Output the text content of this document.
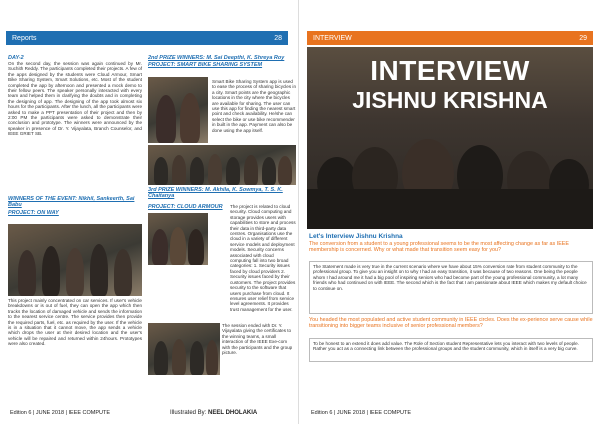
Reports	28
DAY-2
On the second day, the session was again continued by Mr. Suchith Reddy. The participants completed their projects. A few of the apps designed by the students were Cloud Armour, Smart Bike Sharing System, Smart Solutions, etc. Most of the student completed the app by afternoon and presented a mock demo to their fellow peers. The speaker personally interacted with every team and helped them in clarifying the doubts and in completing the designing of app. The designing of the app took almost six hours for the participants. After the lunch, all the participants were asked to make a PPT presentation of their project and then by 2:00 PM the participants were asked to demonstrate their conclusion and prototype. The winners were announced by the speaker in presence of Dr. Y. Vijayalata, Branch Counselor, and IEEE GRIET SB.
WINNERS OF THE EVENT: Nikhil, Sankeerth, Sai Babu
PROJECT: ON WAY
This project mainly concentrated on car services. If user's vehicle breakdowns or is out of fuel, they can open the app which then tracks the location of damaged vehicle and sends the information to the nearest service centre. The service provides then provide the required parts, fuel, etc. as required by the user. If the vehicle is in a situation that it cannot move, the app sends a vehicle which drops the user at their desired location and the user's vehicle will be repaired and returned within 24hours. Prototypes were also created.
2nd PRIZE WINNERS: M. Sai Deepthi, K. Shreya Roy
PROJECT: SMART BIKE SHARING SYSTEM
Smart Bike Sharing System app is used to ease the process of sharing bicycles in a city. Smart points are the geographic locations in the city where the bicycles are available for sharing. The user can use this app for finding the nearest smart point and check availability. He/she can select the bike or use bike recommender in built in the app. Payment can also be done using the app itself.
3rd PRIZE WINNERS: M. Akhila, K. Sowmya, T. S. K. Chaitanya
PROJECT: CLOUD ARMOUR	The project is related to cloud security. Cloud computing and storage provides users with capabilities to store and process their data in third-party data centres. Organisations use the cloud in a variety of different service models and deployment models. Security concerns associated with cloud computing fall into two broad categories: 1. Security issues faced by cloud providers 2. Security issues faced by their customers. The project provides security to the software that users purchase from cloud. It ensures user relief from service level agreements. It provides trust management for the user.
The session ended with Dr. Y. Vijayalata giving the certificates to the winning teams, a small interaction of the IEEE Exe-com with the participants and the group picture.
Edition 6 | JUNE 2018 | IEEE COMPUTE	Illustrated By: NEEL DHOLAKIA
INTERVIEW	29
INTERVIEW
JISHNU KRISHNA
Let's Interview Jishnu Krishna
The conversion from a student to a young professional seems to be the most affecting change as far as IEEE membership is concerned. Why or what made that transition seem easy for you?
The Statement made is very true in the current scenario where we have about 15% conversion rate from student community to the professional group. To give you an insight on to why I had an easy transition, it was because of two reasons. One being the people whom I had around me it had a big pool of inspiring seniors who had become part of the young professional community, a lot many friends who had continued on with IEEE. The second which is the fact that I am passionate about IEEE which makes my default choice to continue on.
You headed the most populated and active student community in IEEE circles. Does the ex-perience serve cause while transitioning into bigger teams inclusive of senior professional members?
To be honest to an extend it does add value. The Role of Section student Representative lets you interact with two levels of people. Rather you act as a connecting link between the professional groups and the student community, which in itself is a very big curve.
Edition 6 | JUNE 2018 | IEEE COMPUTE
